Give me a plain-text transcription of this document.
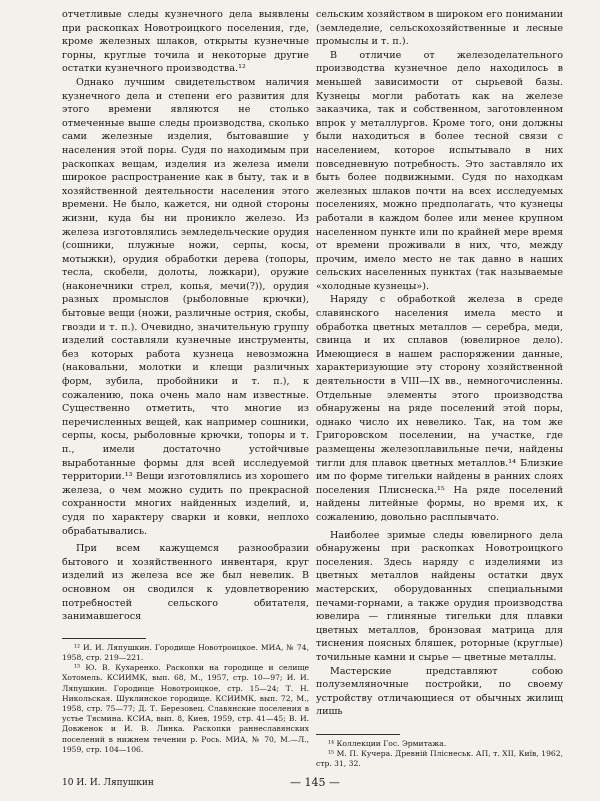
отчетливые следы кузнечного дела выявлены при раскопках Новотроицкого поселения, где, кроме железных шлаков, открыты кузнечные горны, круглые точила и некоторые другие остатки кузнечного производства.¹²

Однако лучшим свидетельством наличия кузнечного дела и степени его развития для этого времени являются не столько отмеченные выше следы производства, сколько сами железные изделия, бытовавшие у населения этой поры. Судя по находимым при раскопках вещам, изделия из железа имели широкое распространение как в быту, так и в хозяйственной деятельности населения этого времени. Не было, кажется, ни одной стороны жизни, куда бы ни проникло железо. Из железа изготовлялись земледельческие орудия (сошники, плужные ножи, серпы, косы, мотыжки), орудия обработки дерева (топоры, тесла, скобели, долоты, ложкари), оружие (наконечники стрел, копья, мечи(?)), орудия разных промыслов (рыболовные крючки), бытовые вещи (ножи, различные острия, скобы, гвозди и т. п.). Очевидно, значительную группу изделий составляли кузнечные инструменты, без которых работа кузнеца невозможна (наковальни, молотки и клещи различных форм, зубила, пробойники и т. п.), к сожалению, пока очень мало нам известные. Существенно отметить, что многие из перечисленных вещей, как например сошники, серпы, косы, рыболовные крючки, топоры и т. п., имели достаточно устойчивые выработанные формы для всей исследуемой территории.¹³ Вещи изготовлялись из хорошего железа, о чем можно судить по прекрасной сохранности многих найденных изделий, и, судя по характеру сварки и ковки, неплохо обрабатывались.

При всем кажущемся разнообразии бытового и хозяйственного инвентаря, круг изделий из железа все же был невелик. В основном он сводился к удовлетворению потребностей сельского обитателя, занимавшегося

¹² И. И. Ляпушкин. Городище Новотроицкое. МИА, № 74, 1958, стр. 219—221.

¹³ Ю. В. Кухаренко. Раскопки на городище и селище Хотомель. КСИИМК, вып. 68, М., 1957, стр. 10—97; И. И. Ляпушкин. Городище Новотроицкое, стр. 15—24; Т. Н. Никольская. Шуклинское городище. КСИИМК, вып. 72, М., 1958, стр. 75—77; Д. Т. Березовец. Славянские поселения в устье Тясмина. КСИА, вып. 8, Киев, 1959, стр. 41—45; В. И. Довженок и И. В. Линка. Раскопки раннеславянских поселений в нижнем течении р. Рось. МИА, № 70, М.—Л., 1959, стр. 104—106.

сельским хозяйством в широком его понимании (земледелие, сельскохозяйственные и лесные промыслы и т. п.).

В отличие от железоделательного производства кузнечное дело находилось в меньшей зависимости от сырьевой базы. Кузнецы могли работать как на железе заказчика, так и собственном, заготовленном впрок у металлургов. Кроме того, они должны были находиться в более тесной связи с населением, которое испытывало в них повседневную потребность. Это заставляло их быть более подвижными. Судя по находкам железных шлаков почти на всех исследуемых поселениях, можно предполагать, что кузнецы работали в каждом более или менее крупном населенном пункте или по крайней мере время от времени проживали в них, что, между прочим, имело место не так давно в наших сельских населенных пунктах (так называемые «холодные кузнецы»).

Наряду с обработкой железа в среде славянского населения имела место и обработка цветных металлов — серебра, меди, свинца и их сплавов (ювелирное дело). Имеющиеся в нашем распоряжении данные, характеризующие эту сторону хозяйственной деятельности в VIII—IX вв., немногочисленны. Отдельные элементы этого производства обнаружены на ряде поселений этой поры, однако число их невелико. Так, на том же Григоровском поселении, на участке, где размещены железоплавильные печи, найдены тигли для плавок цветных металлов.¹⁴ Близкие им по форме тигельки найдены в ранних слоях поселения Плиснеска.¹⁵ На ряде поселений найдены литейные формы, но время их, к сожалению, довольно расплывчато.

Наиболее зримые следы ювелирного дела обнаружены при раскопках Новотроицкого поселения. Здесь наряду с изделиями из цветных металлов найдены остатки двух мастерских, оборудованных специальными печами-горнами, а также орудия производства ювелира — глиняные тигельки для плавки цветных металлов, бронзовая матрица для тиснения поясных бляшек, роторные (круглые) точильные камни и сырье — цветные металлы.

Мастерские представляют собою полуземляночные постройки, по своему устройству отличающиеся от обычных жилищ лишь

¹⁴ Коллекции Гос. Эрмитажа.

¹⁵ М. П. Кучера. Древній Пліснеськ. АП, т. XII, Київ, 1962, стр. 31, 32.

10 И. И. Ляпушкин	— 145 —
